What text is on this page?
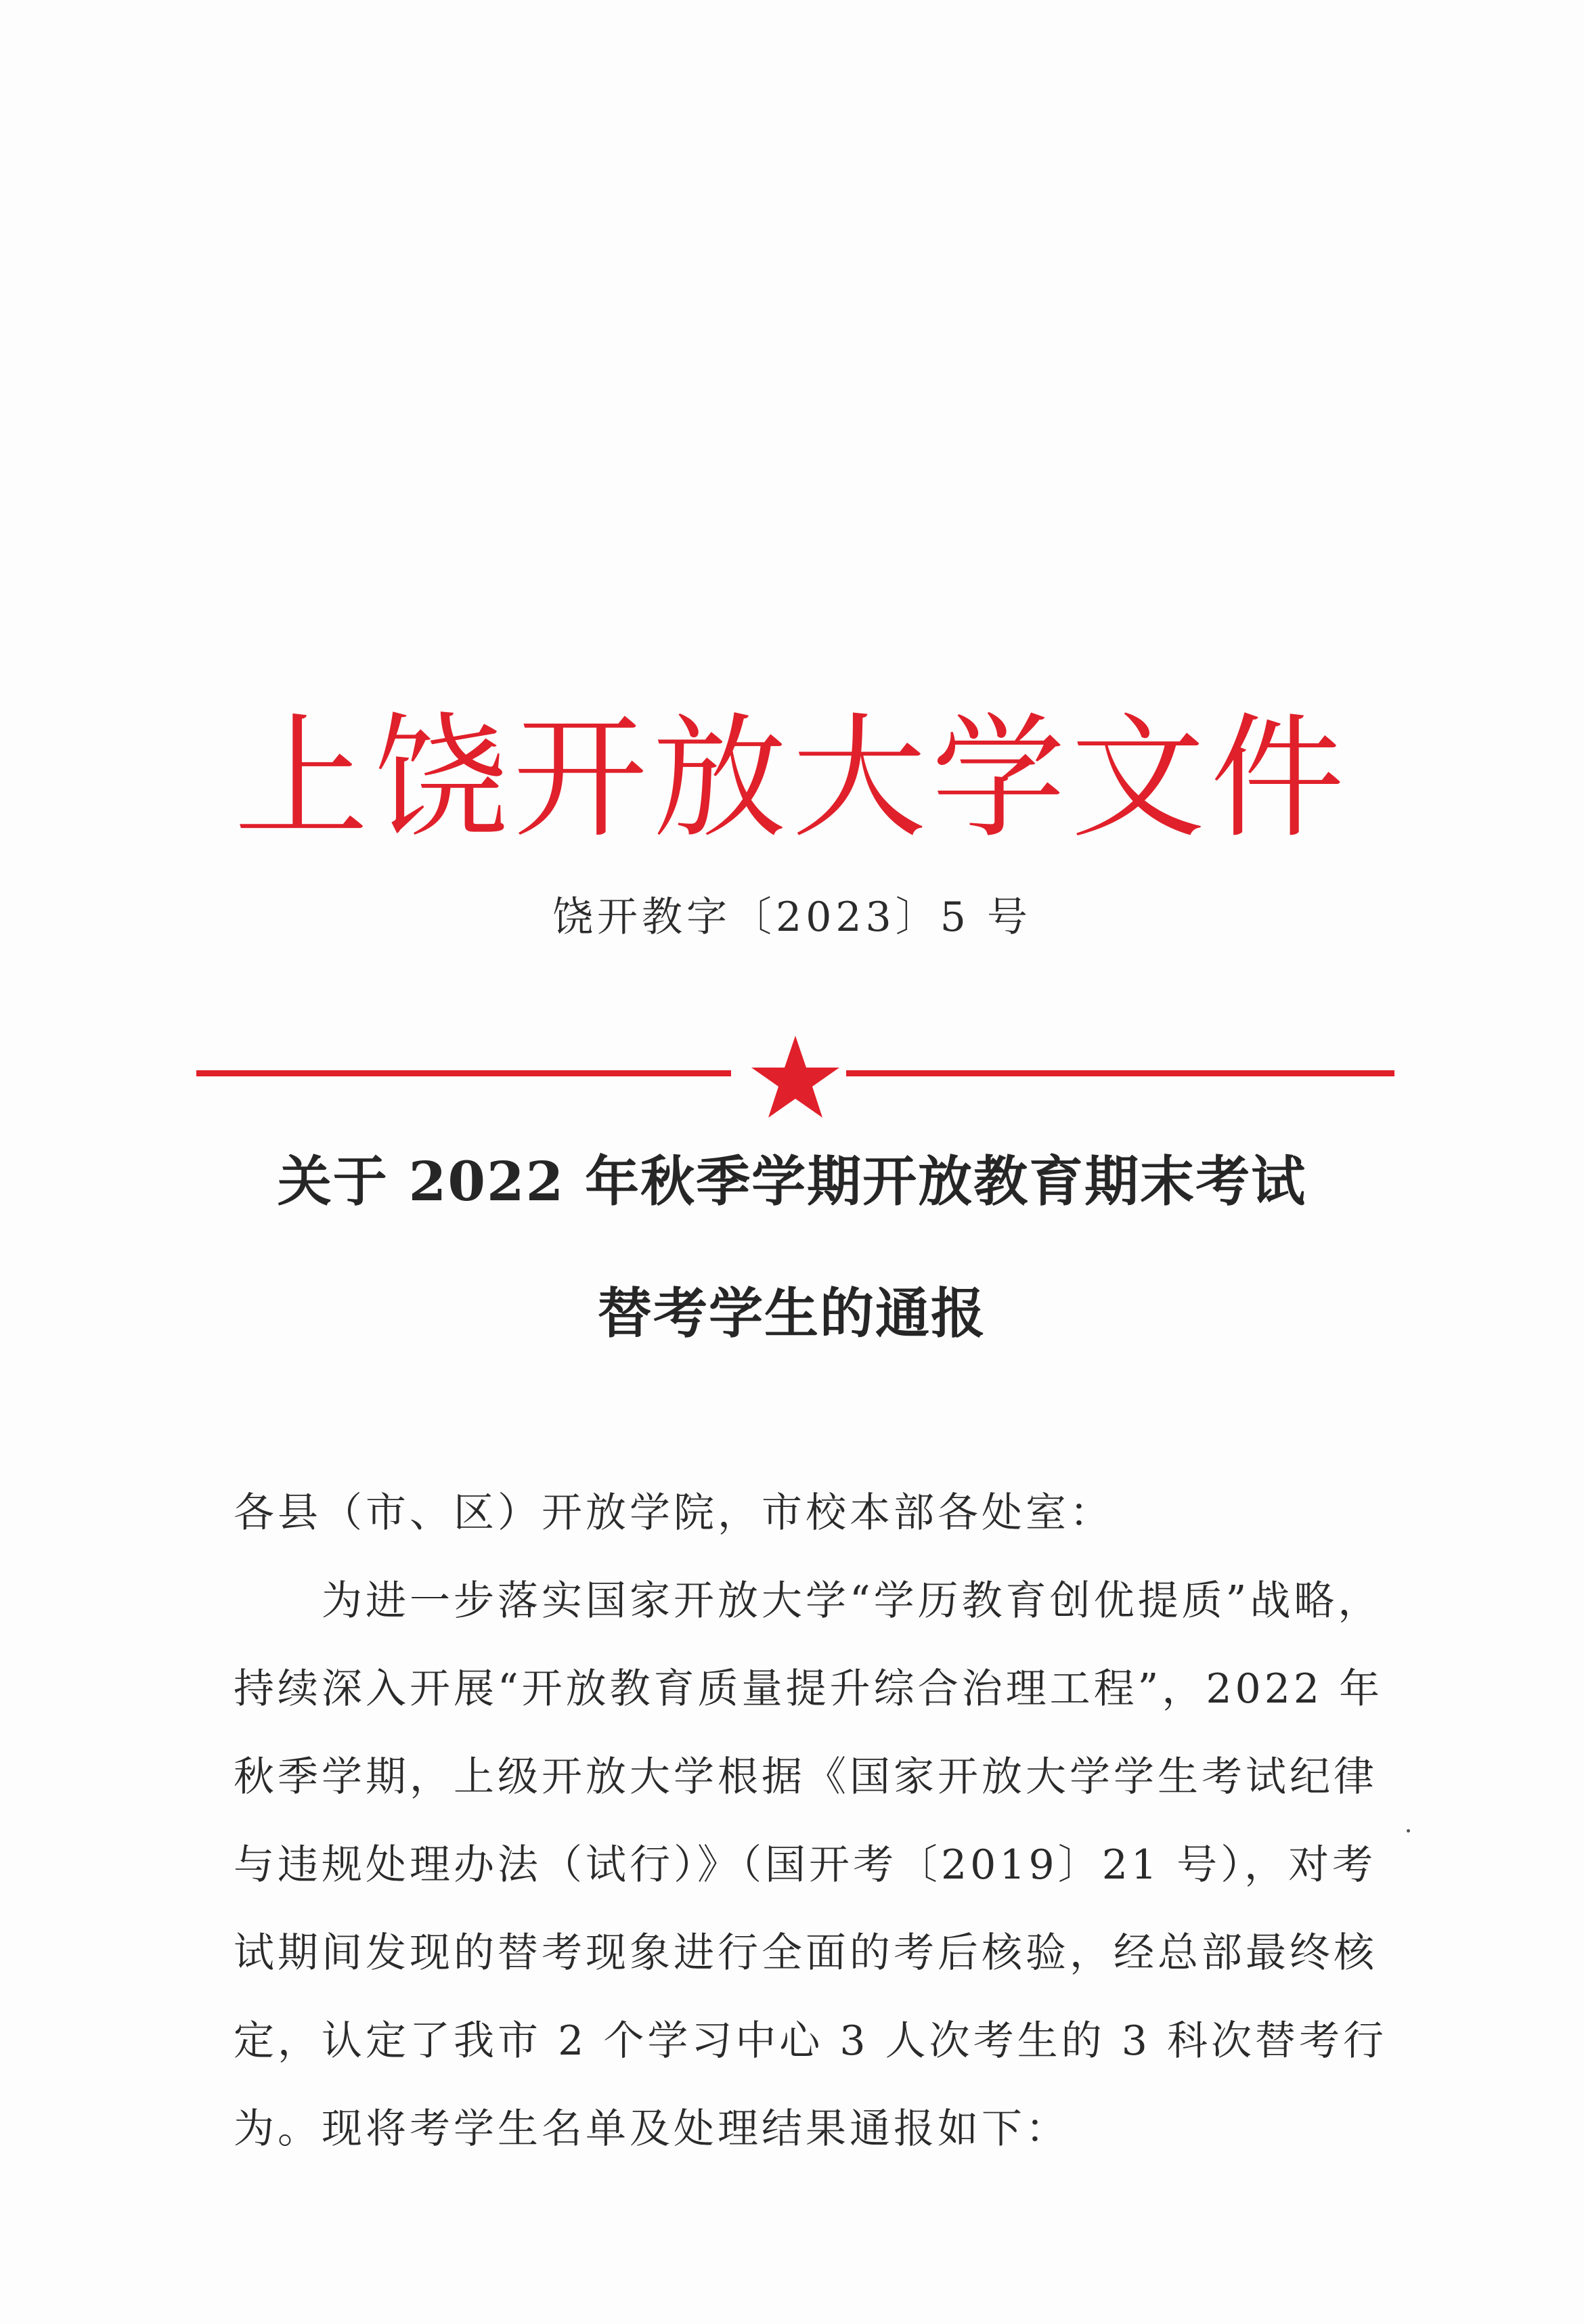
上饶开放大学文件
饶开教字〔2023〕5 号
关于 2022 年秋季学期开放教育期末考试
替考学生的通报
各县（市、区）开放学院，市校本部各处室：
为进一步落实国家开放大学“学历教育创优提质”战略，
持续深入开展“开放教育质量提升综合治理工程”，2022 年
秋季学期，上级开放大学根据《国家开放大学学生考试纪律
与违规处理办法（试行）》（国开考〔2019〕21 号），对考
试期间发现的替考现象进行全面的考后核验，经总部最终核
定，认定了我市 2 个学习中心 3 人次考生的 3 科次替考行
为。现将考学生名单及处理结果通报如下：
